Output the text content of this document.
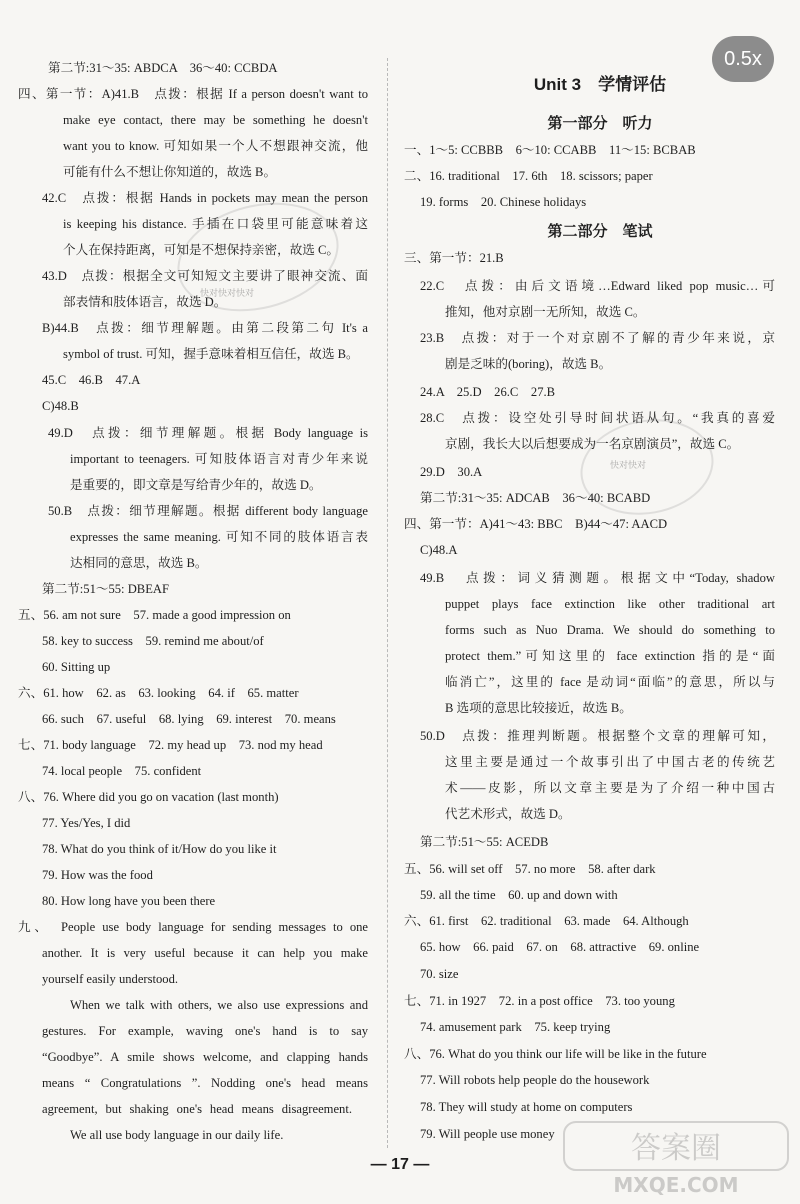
0.5x
快对快对快对
快对快对
第二节:31～35: ABDCA　36～40: CCBDA
四、第一节：A)41.B　点拨：根据 If a person doesn't want to
make eye contact, there may be something he doesn't
want you to know. 可知如果一个人不想跟神交流，他
可能有什么不想让你知道的，故选 B。
42.C　点拨：根据 Hands in pockets may mean the person
is keeping his distance. 手插在口袋里可能意味着这
个人在保持距离，可知是不想保持亲密，故选 C。
43.D　点拨：根据全文可知短文主要讲了眼神交流、面
部表情和肢体语言，故选 D。
B)44.B　点拨：细节理解题。由第二段第二句 It's a
symbol of trust. 可知，握手意味着相互信任，故选 B。
45.C　46.B　47.A
C)48.B
49.D　点拨：细节理解题。根据 Body language is
important to teenagers. 可知肢体语言对青少年来说
是重要的，即文章是写给青少年的，故选 D。
50.B　点拨：细节理解题。根据 different body language
expresses the same meaning. 可知不同的肢体语言表
达相同的意思，故选 B。
第二节:51～55: DBEAF
五、56. am not sure　57. made a good impression on
58. key to success　59. remind me about/of
60. Sitting up
六、61. how　62. as　63. looking　64. if　65. matter
66. such　67. useful　68. lying　69. interest　70. means
七、71. body language　72. my head up　73. nod my head
74. local people　75. confident
八、76. Where did you go on vacation (last month)
77. Yes/Yes, I did
78. What do you think of it/How do you like it
79. How was the food
80. How long have you been there
九、　People use body language for sending messages to one
another. It is very useful because it can help you make
yourself easily understood.
When we talk with others, we also use expressions and
gestures. For example, waving one's hand is to say
“Goodbye”. A smile shows welcome, and clapping hands
means “ Congratulations ”. Nodding one's head means
agreement, but shaking one's head means disagreement.
We all use body language in our daily life.
Unit 3　学情评估
第一部分　听力
一、1～5: CCBBB　6～10: CCABB　11～15: BCBAB
二、16. traditional　17. 6th　18. scissors; paper
19. forms　20. Chinese holidays
第二部分　笔试
三、第一节：21.B
22.C　点拨：由后文语境…Edward liked pop music…可
推知，他对京剧一无所知，故选 C。
23.B　点拨：对于一个对京剧不了解的青少年来说，京
剧是乏味的(boring)，故选 B。
24.A　25.D　26.C　27.B
28.C　点拨：设空处引导时间状语从句。“我真的喜爱
京剧，我长大以后想要成为一名京剧演员”，故选 C。
29.D　30.A
第二节:31～35: ADCAB　36～40: BCABD
四、第一节：A)41～43: BBC　B)44～47: AACD
C)48.A
49.B　点拨：词义猜测题。根据文中“Today, shadow
puppet plays face extinction like other traditional art
forms such as Nuo Drama. We should do something to
protect them.”可知这里的 face extinction 指的是“面
临消亡”，这里的 face 是动词“面临”的意思，所以与
B 选项的意思比较接近，故选 B。
50.D　点拨：推理判断题。根据整个文章的理解可知，
这里主要是通过一个故事引出了中国古老的传统艺
术——皮影，所以文章主要是为了介绍一种中国古
代艺术形式，故选 D。
第二节:51～55: ACEDB
五、56. will set off　57. no more　58. after dark
59. all the time　60. up and down with
六、61. first　62. traditional　63. made　64. Although
65. how　66. paid　67. on　68. attractive　69. online
70. size
七、71. in 1927　72. in a post office　73. too young
74. amusement park　75. keep trying
八、76. What do you think our life will be like in the future
77. Will robots help people do the housework
78. They will study at home on computers
79. Will people use money
— 17 —	答案圈
MXQE.COM
